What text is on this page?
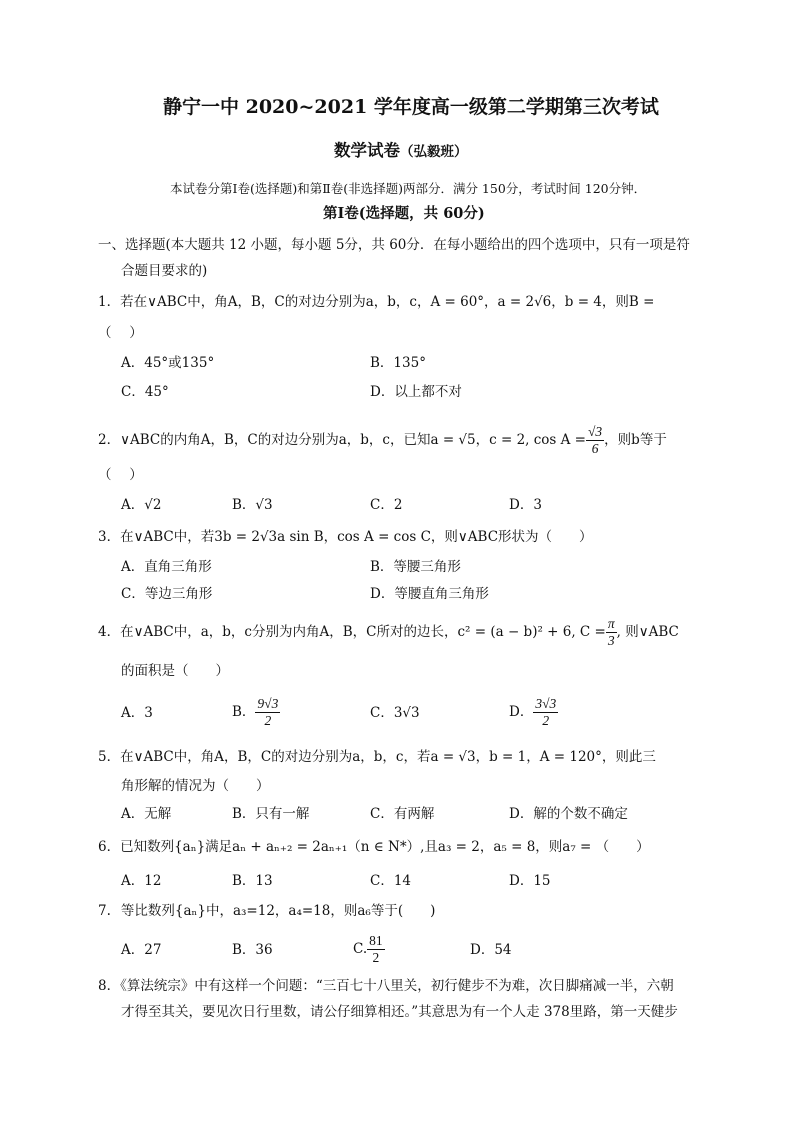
静宁一中 2020~2021 学年度高一级第二学期第三次考试
数学试卷（弘毅班）
本试卷分第Ⅰ卷(选择题)和第Ⅱ卷(非选择题)两部分．满分 150分，考试时间 120分钟．
第Ⅰ卷(选择题，共 60分)
一、选择题(本大题共 12 小题，每小题 5分，共 60分．在每小题给出的四个选项中，只有一项是符
合题目要求的)
1．若在∨ABC中，角A，B，C的对边分别为a，b，c，A = 60°，a = 2√6，b = 4，则B =
（　 ）
A．45°或135°	B．135°
C．45°	D．以上都不对
2．∨ABC的内角A，B，C的对边分别为a，b，c，已知a = √5，c = 2, $\cos A = \frac{√3}{6}$ ，则b等于
（　 ）
A．√2	B．√3	C．2	D．3
3．在∨ABC中，若3b = 2√3a sin B，cos A = cos C，则∨ABC形状为（　　）
A．直角三角形	B．等腰三角形
C．等边三角形	D．等腰直角三角形
4．在∨ABC中，a，b，c分别为内角A，B，C所对的边长，c² = (a − b)² + 6, $C = \frac{\pi}{3}$ , 则∨ABC
的面积是（　　）
A．3	B． $\frac{9√3}{2}$	C．3√3	D． $\frac{3√3}{2}$
5．在∨ABC中，角A，B，C的对边分别为a，b，c，若a = √3，b = 1，A = 120°，则此三
角形解的情况为（　　）
A．无解	B．只有一解	C．有两解	D．解的个数不确定
6．已知数列{aₙ}满足aₙ + aₙ₊₂ = 2aₙ₊₁（n ∈ N*）,且a₃ = 2，a₅ = 8，则a₇ = （　　）
A．12	B．13	C．14	D．15
7. 等比数列{aₙ}中，a₃=12，a₄=18，则a₆等于(　　)
A．27	B．36	C. $\frac{81}{2}$	D．54
8．《算法统宗》中有这样一个问题：“三百七十八里关，初行健步不为难，次日脚痛减一半，六朝
才得至其关，要见次日行里数，请公仔细算相还。”其意思为有一个人走 378里路，第一天健步
